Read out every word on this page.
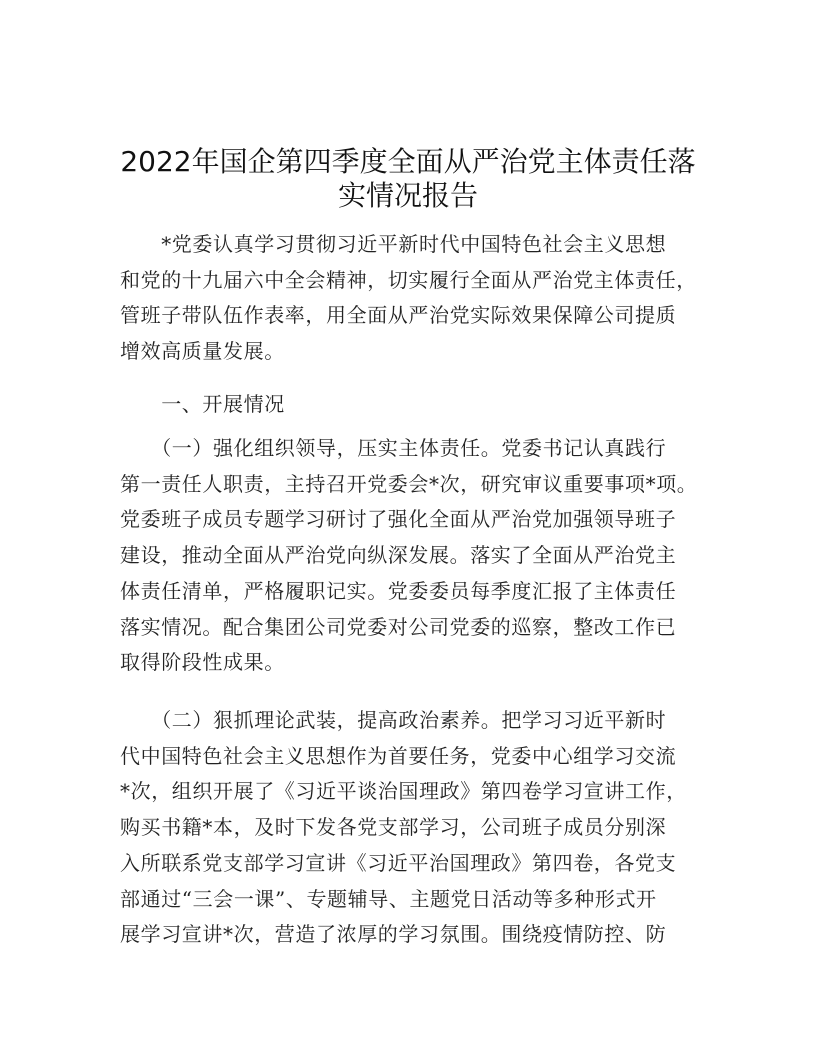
2022年国企第四季度全面从严治党主体责任落
实情况报告

　　*党委认真学习贯彻习近平新时代中国特色社会主义思想
和党的十九届六中全会精神，切实履行全面从严治党主体责任，
管班子带队伍作表率，用全面从严治党实际效果保障公司提质
增效高质量发展。

　　一、开展情况

　　（一）强化组织领导，压实主体责任。党委书记认真践行
第一责任人职责，主持召开党委会*次，研究审议重要事项*项。
党委班子成员专题学习研讨了强化全面从严治党加强领导班子
建设，推动全面从严治党向纵深发展。落实了全面从严治党主
体责任清单，严格履职记实。党委委员每季度汇报了主体责任
落实情况。配合集团公司党委对公司党委的巡察，整改工作已
取得阶段性成果。

　　（二）狠抓理论武装，提高政治素养。把学习习近平新时
代中国特色社会主义思想作为首要任务，党委中心组学习交流
*次，组织开展了《习近平谈治国理政》第四卷学习宣讲工作，
购买书籍*本，及时下发各党支部学习，公司班子成员分别深
入所联系党支部学习宣讲《习近平治国理政》第四卷，各党支
部通过“三会一课”、专题辅导、主题党日活动等多种形式开
展学习宣讲*次，营造了浓厚的学习氛围。围绕疫情防控、防
